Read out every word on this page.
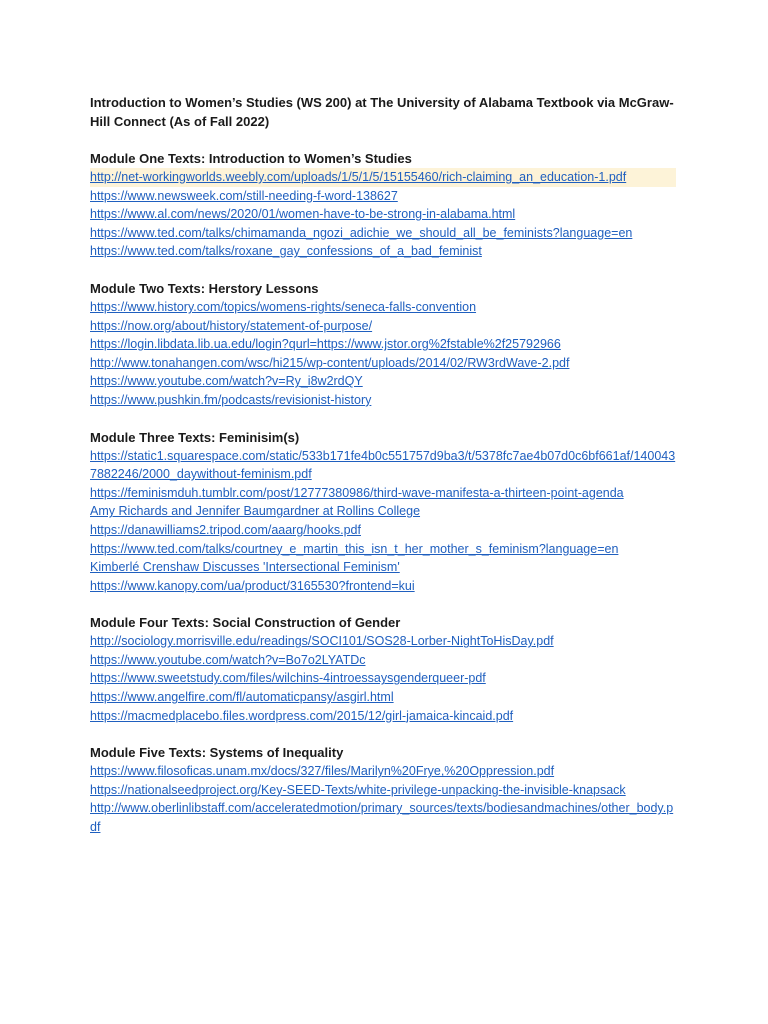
Introduction to Women’s Studies (WS 200) at The University of Alabama Textbook via McGraw-Hill Connect (As of Fall 2022)

Module One Texts: Introduction to Women’s Studies

http://net-workingworlds.weebly.com/uploads/1/5/1/5/15155460/rich-claiming_an_education-1.pdf
https://www.newsweek.com/still-needing-f-word-138627
https://www.al.com/news/2020/01/women-have-to-be-strong-in-alabama.html
https://www.ted.com/talks/chimamanda_ngozi_adichie_we_should_all_be_feminists?language=en
https://www.ted.com/talks/roxane_gay_confessions_of_a_bad_feminist

Module Two Texts: Herstory Lessons

https://www.history.com/topics/womens-rights/seneca-falls-convention
https://now.org/about/history/statement-of-purpose/
https://login.libdata.lib.ua.edu/login?qurl=https://www.jstor.org%2fstable%2f25792966
http://www.tonahangen.com/wsc/hi215/wp-content/uploads/2014/02/RW3rdWave-2.pdf
https://www.youtube.com/watch?v=Ry_i8w2rdQY
https://www.pushkin.fm/podcasts/revisionist-history

Module Three Texts: Feminisim(s)

https://static1.squarespace.com/static/533b171fe4b0c551757d9ba3/t/5378fc7ae4b07d0c6bf661af/1400437882246/2000_daywithout-feminism.pdf
https://feminismduh.tumblr.com/post/12777380986/third-wave-manifesta-a-thirteen-point-agenda
Amy Richards and Jennifer Baumgardner at Rollins College
https://danawilliams2.tripod.com/aaarg/hooks.pdf
https://www.ted.com/talks/courtney_e_martin_this_isn_t_her_mother_s_feminism?language=en
Kimberlé Crenshaw Discusses 'Intersectional Feminism'
https://www.kanopy.com/ua/product/3165530?frontend=kui

Module Four Texts: Social Construction of Gender

http://sociology.morrisville.edu/readings/SOCI101/SOS28-Lorber-NightToHisDay.pdf
https://www.youtube.com/watch?v=Bo7o2LYATDc
https://www.sweetstudy.com/files/wilchins-4introessaysgenderqueer-pdf
https://www.angelfire.com/fl/automaticpansy/asgirl.html
https://macmedplacebo.files.wordpress.com/2015/12/girl-jamaica-kincaid.pdf

Module Five Texts: Systems of Inequality

https://www.filosoficas.unam.mx/docs/327/files/Marilyn%20Frye,%20Oppression.pdf
https://nationalseedproject.org/Key-SEED-Texts/white-privilege-unpacking-the-invisible-knapsack
http://www.oberlinlibstaff.com/acceleratedmotion/primary_sources/texts/bodiesandmachines/other_body.pdf
